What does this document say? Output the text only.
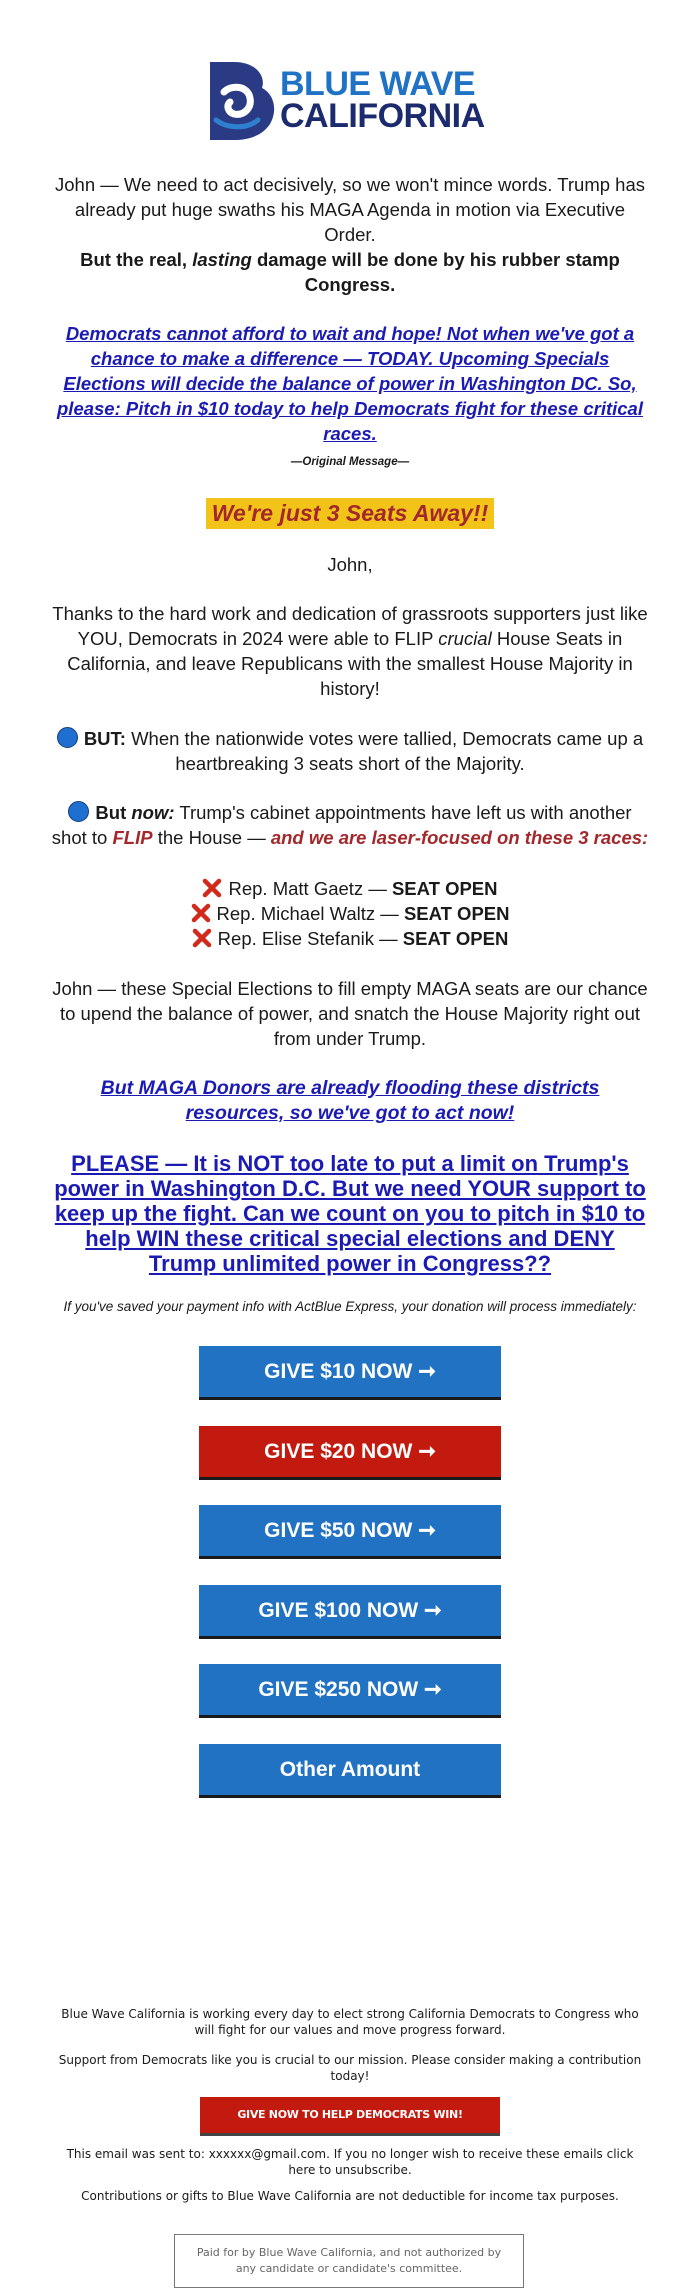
BLUE WAVE
CALIFORNIA
John — We need to act decisively, so we won't mince words. Trump has already put huge swaths his MAGA Agenda in motion via Executive Order.
But the real, lasting damage will be done by his rubber stamp Congress.
Democrats cannot afford to wait and hope! Not when we've got a chance to make a difference — TODAY. Upcoming Specials Elections will decide the balance of power in Washington DC. So, please: Pitch in $10 today to help Democrats fight for these critical races.
—Original Message—
We're just 3 Seats Away!!
John,
Thanks to the hard work and dedication of grassroots supporters just like YOU, Democrats in 2024 were able to FLIP crucial House Seats in California, and leave Republicans with the smallest House Majority in history!
BUT: When the nationwide votes were tallied, Democrats came up a heartbreaking 3 seats short of the Majority.
But now: Trump's cabinet appointments have left us with another shot to FLIP the House — and we are laser-focused on these 3 races:
Rep. Matt Gaetz — SEAT OPEN
Rep. Michael Waltz — SEAT OPEN
Rep. Elise Stefanik — SEAT OPEN
John — these Special Elections to fill empty MAGA seats are our chance to upend the balance of power, and snatch the House Majority right out from under Trump.
But MAGA Donors are already flooding these districts resources, so we've got to act now!
PLEASE — It is NOT too late to put a limit on Trump's power in Washington D.C. But we need YOUR support to keep up the fight. Can we count on you to pitch in $10 to help WIN these critical special elections and DENY Trump unlimited power in Congress??
If you've saved your payment info with ActBlue Express, your donation will process immediately:
GIVE $10 NOW ➞
GIVE $20 NOW ➞
GIVE $50 NOW ➞
GIVE $100 NOW ➞
GIVE $250 NOW ➞
Other Amount
Blue Wave California is working every day to elect strong California Democrats to Congress who will fight for our values and move progress forward.
Support from Democrats like you is crucial to our mission. Please consider making a contribution today!
GIVE NOW TO HELP DEMOCRATS WIN!
This email was sent to: xxxxxx@gmail.com. If you no longer wish to receive these emails click here to unsubscribe.
Contributions or gifts to Blue Wave California are not deductible for income tax purposes.
Paid for by Blue Wave California, and not authorized by any candidate or candidate's committee.
